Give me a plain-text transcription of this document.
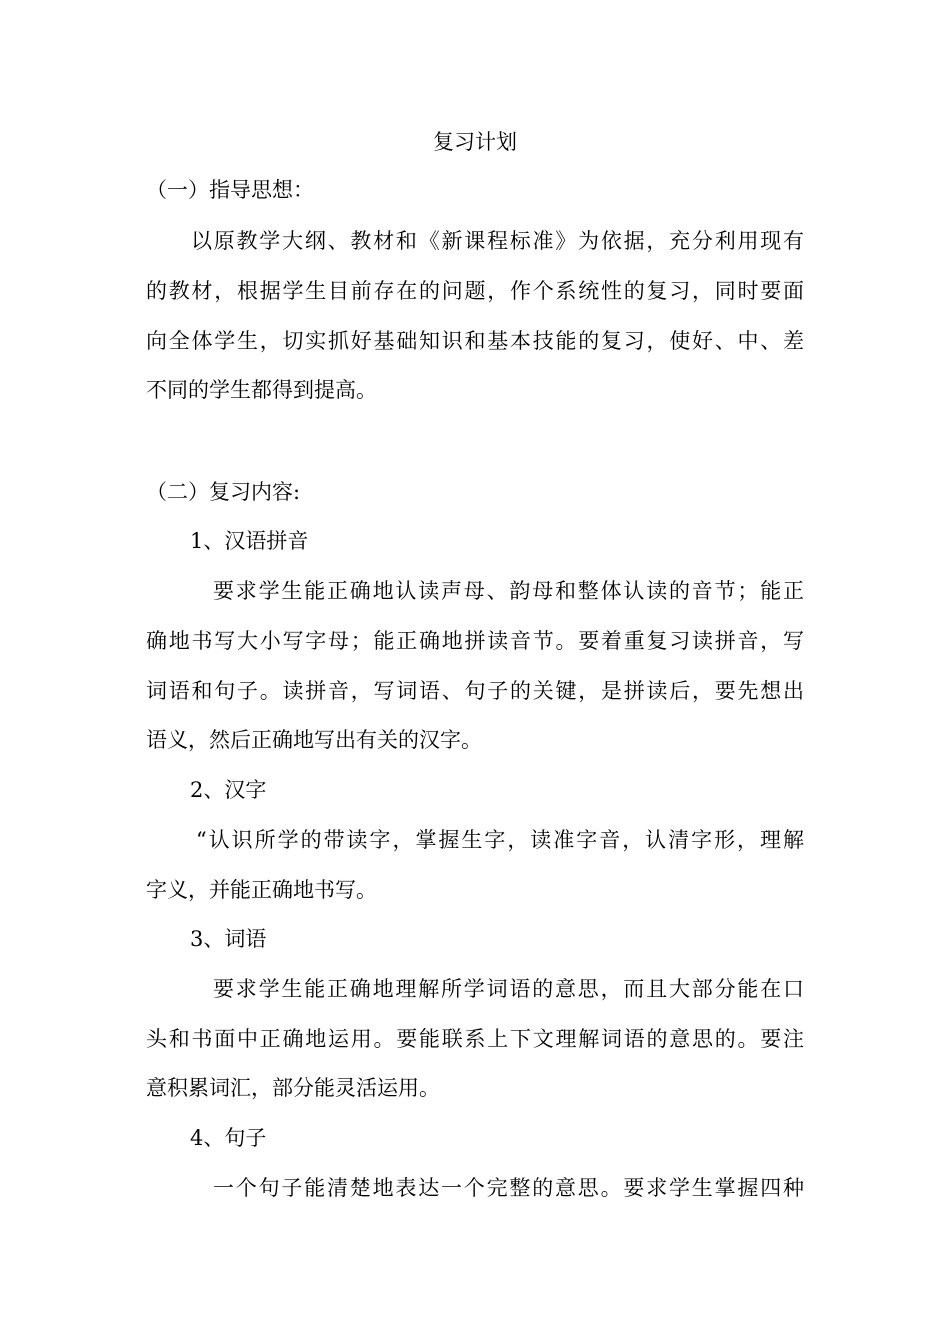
复习计划
（一）指导思想：
以原教学大纲、教材和《新课程标准》为依据，充分利用现有
的教材，根据学生目前存在的问题，作个系统性的复习，同时要面
向全体学生，切实抓好基础知识和基本技能的复习，使好、中、差
不同的学生都得到提高。
（二）复习内容:
1、汉语拼音
要求学生能正确地认读声母、韵母和整体认读的音节；能正
确地书写大小写字母；能正确地拼读音节。要着重复习读拼音，写
词语和句子。读拼音，写词语、句子的关键，是拼读后，要先想出
语义，然后正确地写出有关的汉字。
2、汉字
“认识所学的带读字，掌握生字，读准字音，认清字形，理解
字义，并能正确地书写。
3、词语
要求学生能正确地理解所学词语的意思，而且大部分能在口
头和书面中正确地运用。要能联系上下文理解词语的意思的。要注
意积累词汇，部分能灵活运用。
4、句子
一个句子能清楚地表达一个完整的意思。要求学生掌握四种
